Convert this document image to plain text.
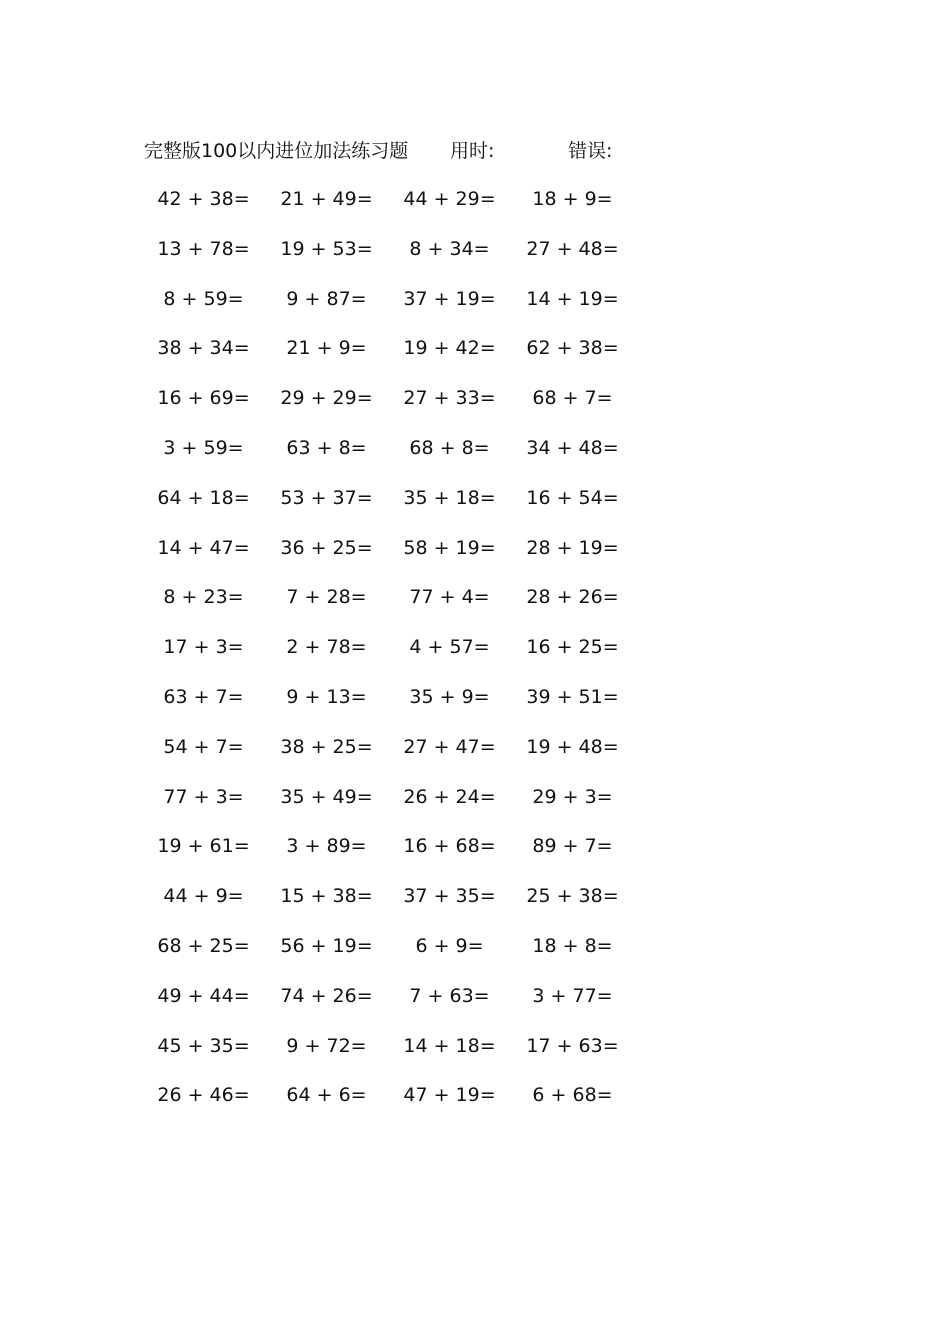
完整版100以内进位加法练习题 用时:	错误:
42 + 38=	21 + 49=	44 + 29=	18 + 9=
13 + 78=	19 + 53=	8 + 34=	27 + 48=
8 + 59=	9 + 87=	37 + 19=	14 + 19=
38 + 34=	21 + 9=	19 + 42=	62 + 38=
16 + 69=	29 + 29=	27 + 33=	68 + 7=
3 + 59=	63 + 8=	68 + 8=	34 + 48=
64 + 18=	53 + 37=	35 + 18=	16 + 54=
14 + 47=	36 + 25=	58 + 19=	28 + 19=
8 + 23=	7 + 28=	77 + 4=	28 + 26=
17 + 3=	2 + 78=	4 + 57=	16 + 25=
63 + 7=	9 + 13=	35 + 9=	39 + 51=
54 + 7=	38 + 25=	27 + 47=	19 + 48=
77 + 3=	35 + 49=	26 + 24=	29 + 3=
19 + 61=	3 + 89=	16 + 68=	89 + 7=
44 + 9=	15 + 38=	37 + 35=	25 + 38=
68 + 25=	56 + 19=	6 + 9=	18 + 8=
49 + 44=	74 + 26=	7 + 63=	3 + 77=
45 + 35=	9 + 72=	14 + 18=	17 + 63=
26 + 46=	64 + 6=	47 + 19=	6 + 68=
